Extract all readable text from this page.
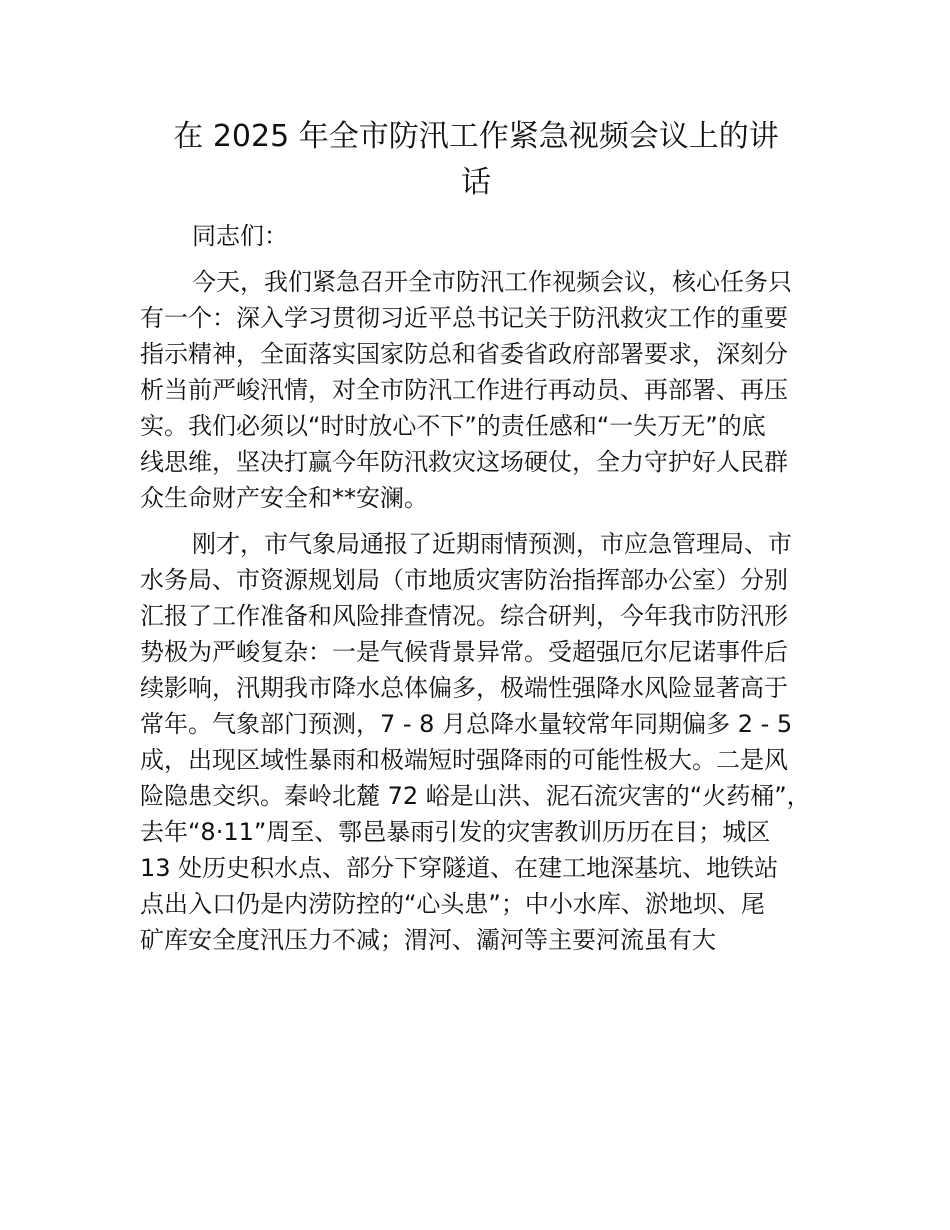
在 2025 年全市防汛工作紧急视频会议上的讲
话
同志们：
今天，我们紧急召开全市防汛工作视频会议，核心任务只
有一个：深入学习贯彻习近平总书记关于防汛救灾工作的重要
指示精神，全面落实国家防总和省委省政府部署要求，深刻分
析当前严峻汛情，对全市防汛工作进行再动员、再部署、再压
实。我们必须以“时时放心不下”的责任感和“一失万无”的底
线思维，坚决打赢今年防汛救灾这场硬仗，全力守护好人民群
众生命财产安全和**安澜。
刚才，市气象局通报了近期雨情预测，市应急管理局、市
水务局、市资源规划局（市地质灾害防治指挥部办公室）分别
汇报了工作准备和风险排查情况。综合研判，今年我市防汛形
势极为严峻复杂：一是气候背景异常。受超强厄尔尼诺事件后
续影响，汛期我市降水总体偏多，极端性强降水风险显著高于
常年。气象部门预测，7 - 8 月总降水量较常年同期偏多 2 - 5
成，出现区域性暴雨和极端短时强降雨的可能性极大。二是风
险隐患交织。秦岭北麓 72 峪是山洪、泥石流灾害的“火药桶”，
去年“8·11”周至、鄠邑暴雨引发的灾害教训历历在目；城区
13 处历史积水点、部分下穿隧道、在建工地深基坑、地铁站
点出入口仍是内涝防控的“心头患”；中小水库、淤地坝、尾
矿库安全度汛压力不减；渭河、灞河等主要河流虽有大
